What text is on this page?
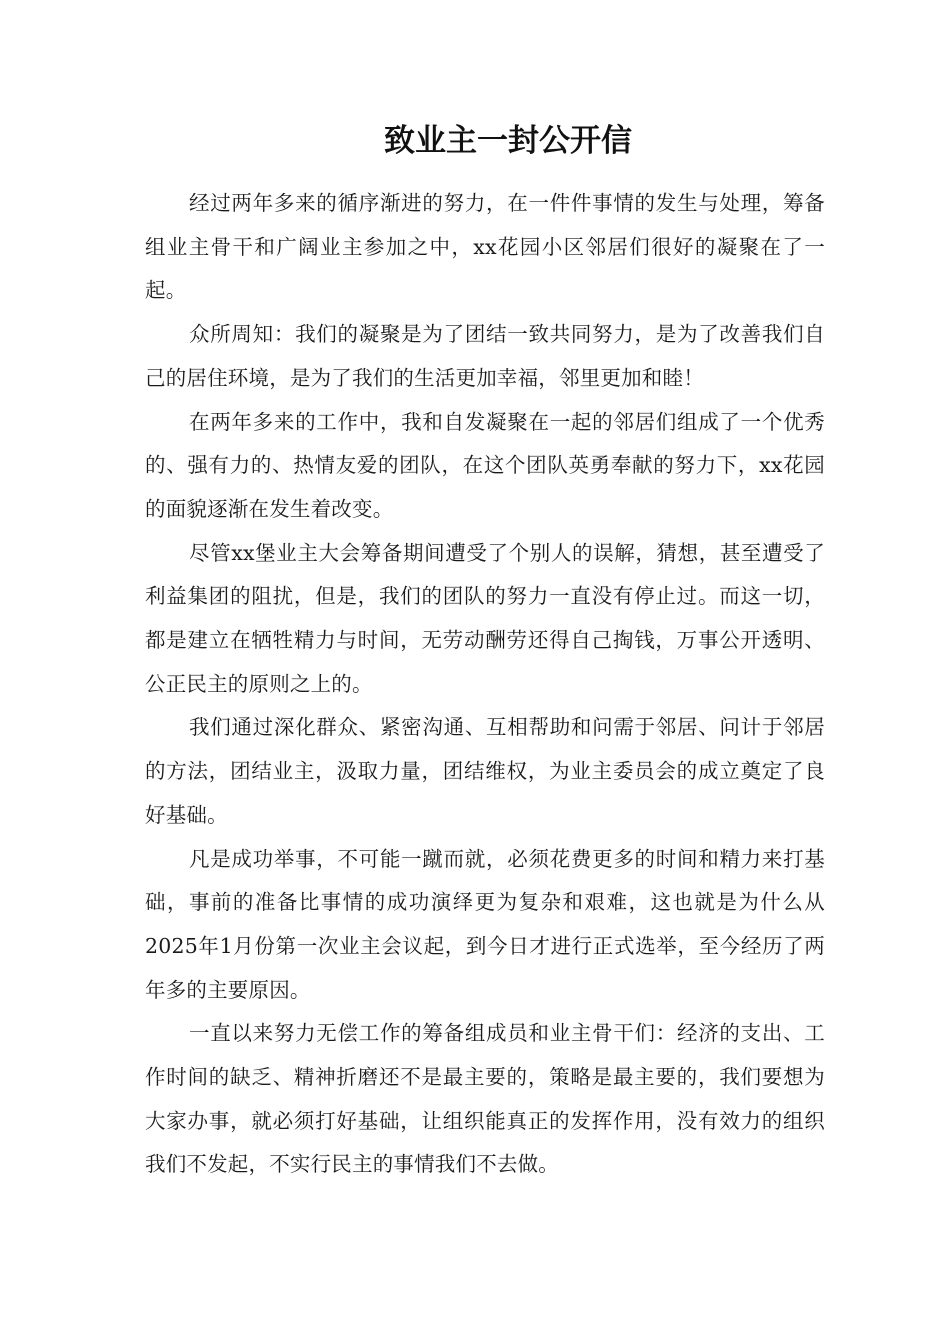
致业主一封公开信

经过两年多来的循序渐进的努力，在一件件事情的发生与处理，筹备组业主骨干和广阔业主参加之中，xx花园小区邻居们很好的凝聚在了一起。

众所周知：我们的凝聚是为了团结一致共同努力，是为了改善我们自己的居住环境，是为了我们的生活更加幸福，邻里更加和睦！

在两年多来的工作中，我和自发凝聚在一起的邻居们组成了一个优秀的、强有力的、热情友爱的团队，在这个团队英勇奉献的努力下，xx花园的面貌逐渐在发生着改变。

尽管xx堡业主大会筹备期间遭受了个别人的误解，猜想，甚至遭受了利益集团的阻扰，但是，我们的团队的努力一直没有停止过。而这一切，都是建立在牺牲精力与时间，无劳动酬劳还得自己掏钱，万事公开透明、公正民主的原则之上的。

我们通过深化群众、紧密沟通、互相帮助和问需于邻居、问计于邻居的方法，团结业主，汲取力量，团结维权，为业主委员会的成立奠定了良好基础。

凡是成功举事，不可能一蹴而就，必须花费更多的时间和精力来打基础，事前的准备比事情的成功演绎更为复杂和艰难，这也就是为什么从2025年1月份第一次业主会议起，到今日才进行正式选举，至今经历了两年多的主要原因。

一直以来努力无偿工作的筹备组成员和业主骨干们：经济的支出、工作时间的缺乏、精神折磨还不是最主要的，策略是最主要的，我们要想为大家办事，就必须打好基础，让组织能真正的发挥作用，没有效力的组织我们不发起，不实行民主的事情我们不去做。
